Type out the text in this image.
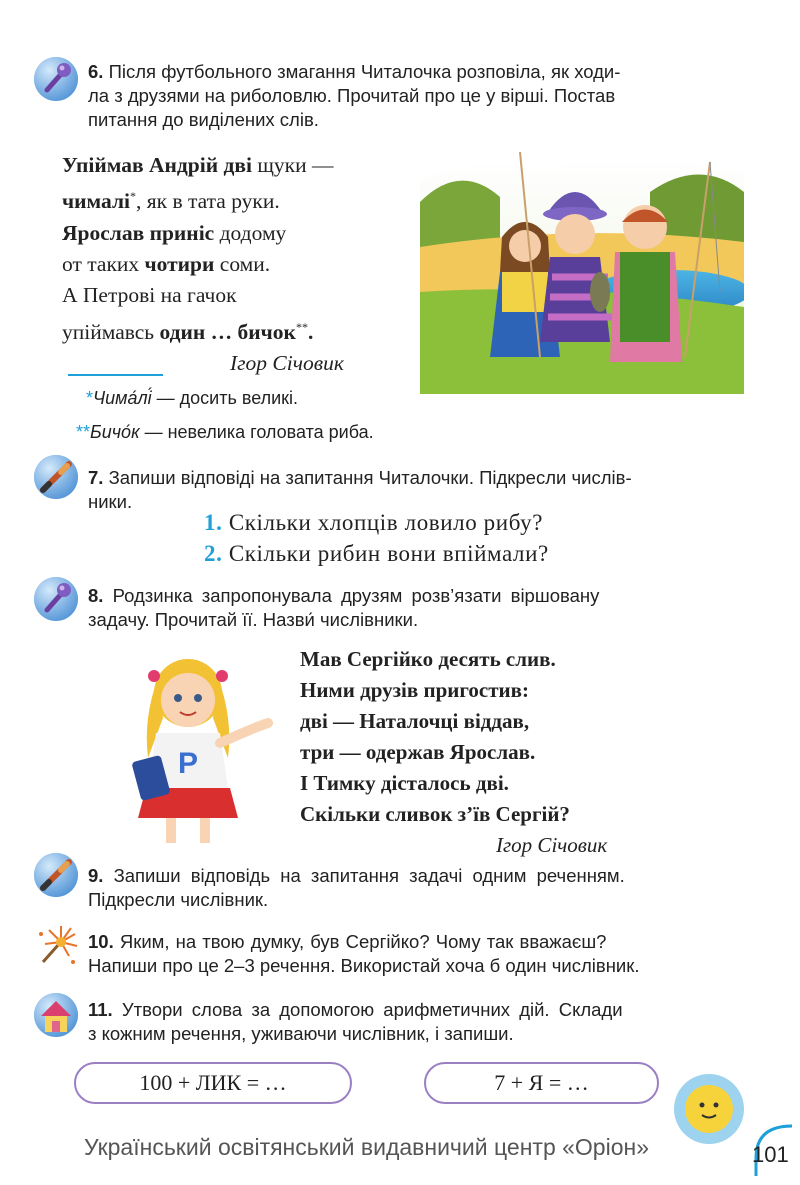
6. Після футбольного змагання Читалочка розповіла, як ходи-
ла з друзями на риболовлю. Прочитай про це у вірші. Постав
питання до виділених слів.
Упіймав Андрій дві щуки —
чималі*, як в тата руки.
Ярослав приніс додому
от таких чотири соми.
А Петрові на гачок
упіймавсь один … бичок**.
Ігор Січовик
*Чима́лі́ — досить великі.
**Бичо́к — невелика головата риба.
7. Запиши відповіді на запитання Читалочки. Підкресли числів-
ники.
1. Скільки хлопців ловило рибу?
2. Скільки рибин вони впіймали?
8. Родзинка запропонувала друзям розв’язати віршовану
задачу. Прочитай її. Назви́ числівники.
Р
Мав Сергійко десять слив.
Ними друзів пригостив:
дві — Наталочці віддав,
три — одержав Ярослав.
І Тимку дісталось дві.
Скільки сливок з’їв Сергій?
Ігор Січовик
9. Запиши відповідь на запитання задачі одним реченням.
Підкресли числівник.
10. Яким, на твою думку, був Сергійко? Чому так вважаєш?
Напиши про це 2–3 речення. Використай хоча б один числівник.
11. Утвори слова за допомогою арифметичних дій. Склади
з кожним речення, уживаючи числівник, і запиши.
100 + ЛИК = …	7 + Я = …
Український освітянський видавничий центр «Оріон»	101
